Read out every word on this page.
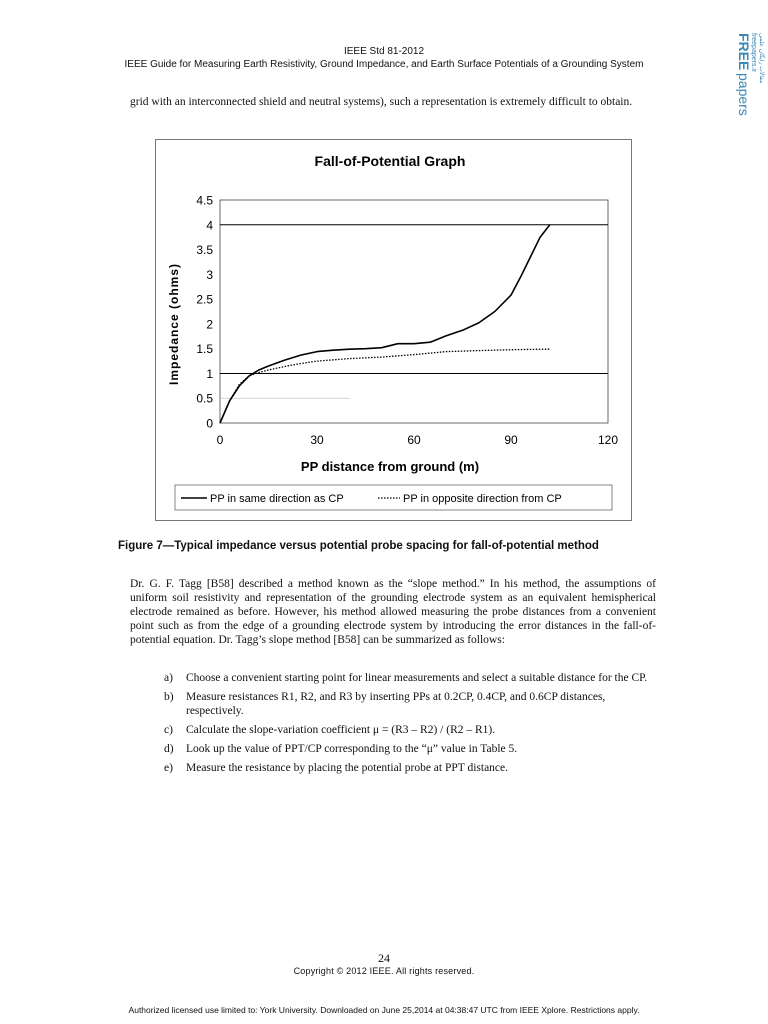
IEEE Std 81-2012
IEEE Guide for Measuring Earth Resistivity, Ground Impedance, and Earth Surface Potentials of a Grounding System	FREE
papers
freepapers.ir مقالات رایگان علمی
grid with an interconnected shield and neutral systems), such a representation is extremely difficult to obtain.
Fall-of-Potential Graph
0
0.5
1
1.5
2
2.5
3
3.5
4
4.5
0	30	60	90	120
PP distance from ground (m)
Impedance (ohms)
PP in same direction as CP	PP in opposite direction from CP
Figure 7—Typical impedance versus potential probe spacing for fall-of-potential method
Dr. G. F. Tagg [B58] described a method known as the “slope method.” In his method, the assumptions of uniform soil resistivity and representation of the grounding electrode system as an equivalent hemispherical electrode remained as before. However, his method allowed measuring the probe distances from a convenient point such as from the edge of a grounding electrode system by introducing the error distances in the fall-of-potential equation. Dr. Tagg’s slope method [B58] can be summarized as follows:
a) Choose a convenient starting point for linear measurements and select a suitable distance for the CP.
b) Measure resistances R1, R2, and R3 by inserting PPs at 0.2CP, 0.4CP, and 0.6CP distances, respectively.
c) Calculate the slope-variation coefficient μ = (R3 – R2) / (R2 – R1).
d) Look up the value of PPT/CP corresponding to the “μ” value in Table 5.
e) Measure the resistance by placing the potential probe at PPT distance.
24
Copyright © 2012 IEEE. All rights reserved.
Authorized licensed use limited to: York University. Downloaded on June 25,2014 at 04:38:47 UTC from IEEE Xplore. Restrictions apply.
